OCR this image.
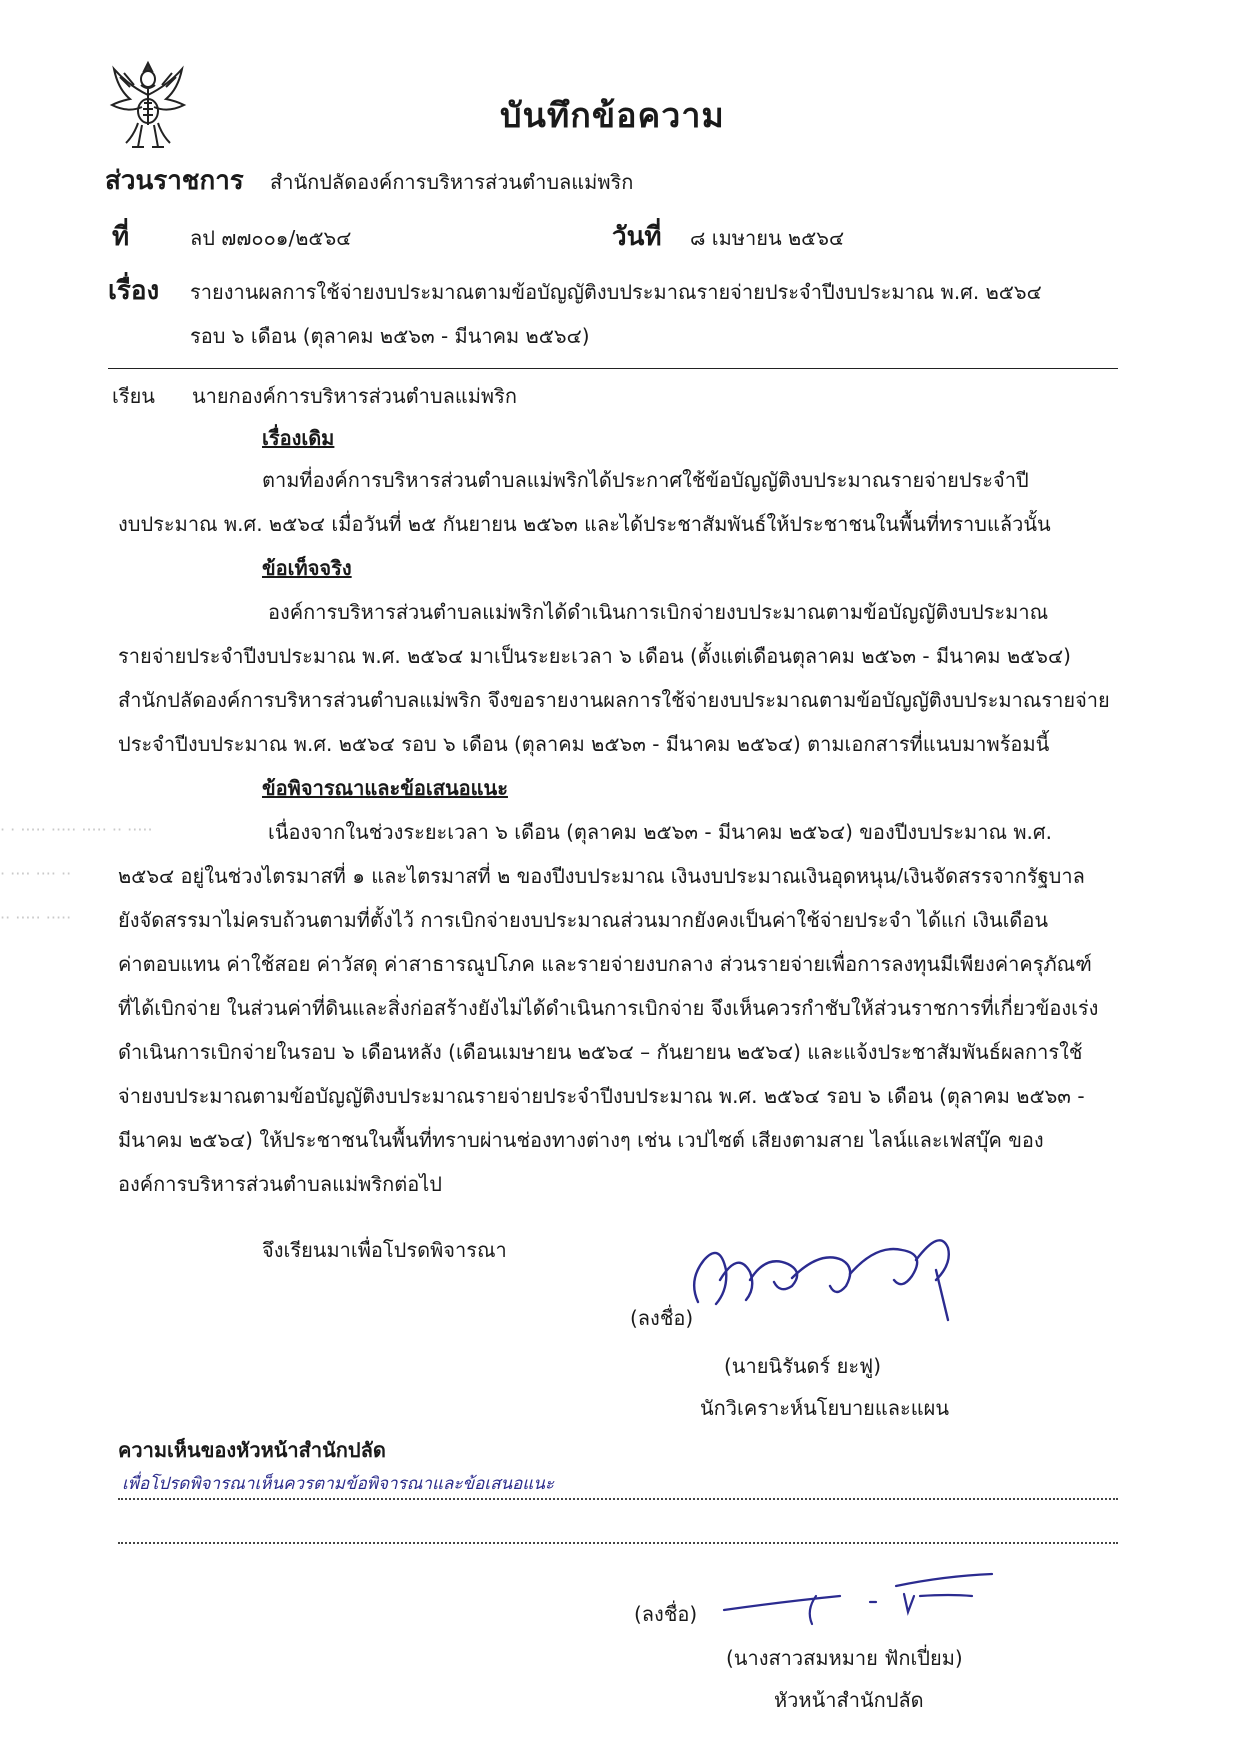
บันทึกข้อความ
ส่วนราชการ สำนักปลัดองค์การบริหารส่วนตำบลแม่พริก
ที่	ลป ๗๗๐๐๑/๒๕๖๔	วันที่ ๘ เมษายน ๒๕๖๔
เรื่อง รายงานผลการใช้จ่ายงบประมาณตามข้อบัญญัติงบประมาณรายจ่ายประจำปีงบประมาณ พ.ศ. ๒๕๖๔
รอบ ๖ เดือน (ตุลาคม ๒๕๖๓ - มีนาคม ๒๕๖๔)
เรียน นายกองค์การบริหารส่วนตำบลแม่พริก
เรื่องเดิม
ตามที่องค์การบริหารส่วนตำบลแม่พริกได้ประกาศใช้ข้อบัญญัติงบประมาณรายจ่ายประจำปี
งบประมาณ พ.ศ. ๒๕๖๔ เมื่อวันที่ ๒๕ กันยายน ๒๕๖๓ และได้ประชาสัมพันธ์ให้ประชาชนในพื้นที่ทราบแล้วนั้น
ข้อเท็จจริง
องค์การบริหารส่วนตำบลแม่พริกได้ดำเนินการเบิกจ่ายงบประมาณตามข้อบัญญัติงบประมาณ
รายจ่ายประจำปีงบประมาณ พ.ศ. ๒๕๖๔ มาเป็นระยะเวลา ๖ เดือน (ตั้งแต่เดือนตุลาคม ๒๕๖๓ - มีนาคม ๒๕๖๔)
สำนักปลัดองค์การบริหารส่วนตำบลแม่พริก จึงขอรายงานผลการใช้จ่ายงบประมาณตามข้อบัญญัติงบประมาณรายจ่าย
ประจำปีงบประมาณ พ.ศ. ๒๕๖๔ รอบ ๖ เดือน (ตุลาคม ๒๕๖๓ - มีนาคม ๒๕๖๔) ตามเอกสารที่แนบมาพร้อมนี้
ข้อพิจารณาและข้อเสนอแนะ
· · ····· ····· ····· ·· ·····
· ···· ···· ··
·· ····· ·····
เนื่องจากในช่วงระยะเวลา ๖ เดือน (ตุลาคม ๒๕๖๓ - มีนาคม ๒๕๖๔) ของปีงบประมาณ พ.ศ.
๒๕๖๔ อยู่ในช่วงไตรมาสที่ ๑ และไตรมาสที่ ๒ ของปีงบประมาณ เงินงบประมาณเงินอุดหนุน/เงินจัดสรรจากรัฐบาล
ยังจัดสรรมาไม่ครบถ้วนตามที่ตั้งไว้ การเบิกจ่ายงบประมาณส่วนมากยังคงเป็นค่าใช้จ่ายประจำ ได้แก่ เงินเดือน
ค่าตอบแทน ค่าใช้สอย ค่าวัสดุ ค่าสาธารณูปโภค และรายจ่ายงบกลาง ส่วนรายจ่ายเพื่อการลงทุนมีเพียงค่าครุภัณฑ์
ที่ได้เบิกจ่าย ในส่วนค่าที่ดินและสิ่งก่อสร้างยังไม่ได้ดำเนินการเบิกจ่าย จึงเห็นควรกำชับให้ส่วนราชการที่เกี่ยวข้องเร่ง
ดำเนินการเบิกจ่ายในรอบ ๖ เดือนหลัง (เดือนเมษายน ๒๕๖๔ – กันยายน ๒๕๖๔) และแจ้งประชาสัมพันธ์ผลการใช้
จ่ายงบประมาณตามข้อบัญญัติงบประมาณรายจ่ายประจำปีงบประมาณ พ.ศ. ๒๕๖๔ รอบ ๖ เดือน (ตุลาคม ๒๕๖๓ -
มีนาคม ๒๕๖๔) ให้ประชาชนในพื้นที่ทราบผ่านช่องทางต่างๆ เช่น เวปไซต์ เสียงตามสาย ไลน์และเฟสบุ๊ค ของ
องค์การบริหารส่วนตำบลแม่พริกต่อไป
จึงเรียนมาเพื่อโปรดพิจารณา
(ลงชื่อ)
(นายนิรันดร์ ยะฟู)
นักวิเคราะห์นโยบายและแผน
ความเห็นของหัวหน้าสำนักปลัด
เพื่อโปรดพิจารณาเห็นควรตามข้อพิจารณาและข้อเสนอแนะ
(ลงชื่อ)
(นางสาวสมหมาย ฟักเปี่ยม)
หัวหน้าสำนักปลัด
